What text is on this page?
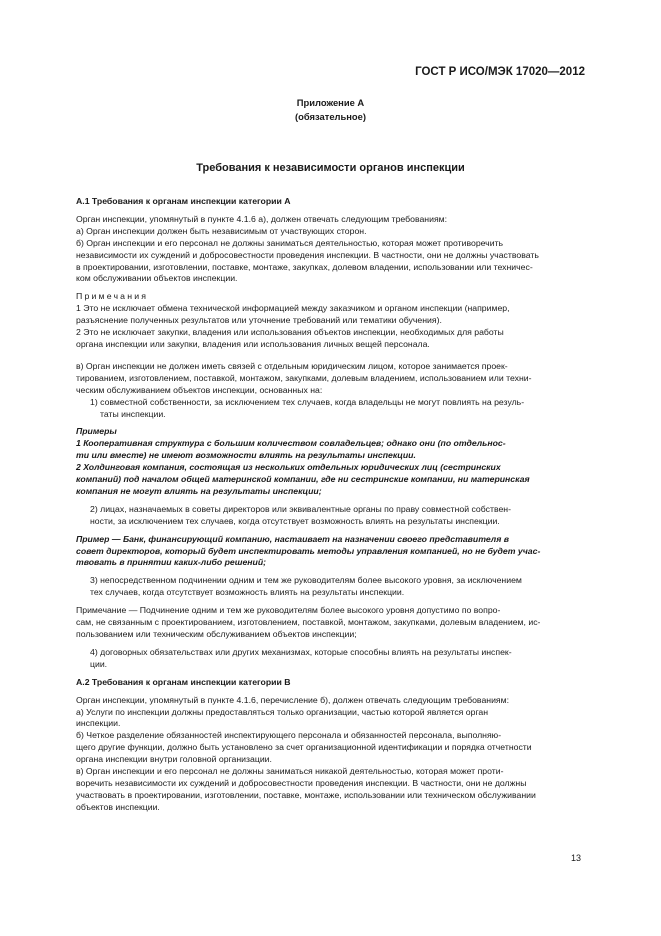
ГОСТ Р ИСО/МЭК 17020—2012
Приложение А
(обязательное)
Требования к независимости органов инспекции

А.1 Требования к органам инспекции категории А

Орган инспекции, упомянутый в пункте 4.1.6 а), должен отвечать следующим требованиям:

а) Орган инспекции должен быть независимым от участвующих сторон.

б) Орган инспекции и его персонал не должны заниматься деятельностью, которая может противоречить

независимости их суждений и добросовестности проведения инспекции. В частности, они не должны участвовать

в проектировании, изготовлении, поставке, монтаже, закупках, долевом владении, использовании или техничес-

ком обслуживании объектов инспекции.

Примечания

1 Это не исключает обмена технической информацией между заказчиком и органом инспекции (например,

разъяснение полученных результатов или уточнение требований или тематики обучения).

2 Это не исключает закупки, владения или использования объектов инспекции, необходимых для работы

органа инспекции или закупки, владения или использования личных вещей персонала.

в) Орган инспекции не должен иметь связей с отдельным юридическим лицом, которое занимается проек-

тированием, изготовлением, поставкой, монтажом, закупками, долевым владением, использованием или техни-

ческим обслуживанием объектов инспекции, основанных на:

1) совместной собственности, за исключением тех случаев, когда владельцы не могут повлиять на резуль-

таты инспекции.

Примеры

1 Кооперативная структура с большим количеством совладельцев; однако они (по отдельнос-

ти или вместе) не имеют возможности влиять на результаты инспекции.

2 Холдинговая компания, состоящая из нескольких отдельных юридических лиц (сестринских

компаний) под началом общей материнской компании, где ни сестринские компании, ни материнская

компания не могут влиять на результаты инспекции;

2) лицах, назначаемых в советы директоров или эквивалентные органы по праву совместной собствен-

ности, за исключением тех случаев, когда отсутствует возможность влиять на результаты инспекции.

Пример — Банк, финансирующий компанию, настаивает на назначении своего представителя в

совет директоров, который будет инспектировать методы управления компанией, но не будет учас-

твовать в принятии каких-либо решений;

3) непосредственном подчинении одним и тем же руководителям более высокого уровня, за исключением

тех случаев, когда отсутствует возможность влиять на результаты инспекции.

Примечание — Подчинение одним и тем же руководителям более высокого уровня допустимо по вопро-

сам, не связанным с проектированием, изготовлением, поставкой, монтажом, закупками, долевым владением, ис-

пользованием или техническим обслуживанием объектов инспекции;

4) договорных обязательствах или других механизмах, которые способны влиять на результаты инспек-

ции.

А.2 Требования к органам инспекции категории В

Орган инспекции, упомянутый в пункте 4.1.6, перечисление б), должен отвечать следующим требованиям:

а) Услуги по инспекции должны предоставляться только организации, частью которой является орган

инспекции.

б) Четкое разделение обязанностей инспектирующего персонала и обязанностей персонала, выполняю-

щего другие функции, должно быть установлено за счет организационной идентификации и порядка отчетности

органа инспекции внутри головной организации.

в) Орган инспекции и его персонал не должны заниматься никакой деятельностью, которая может проти-

воречить независимости их суждений и добросовестности проведения инспекции. В частности, они не должны

участвовать в проектировании, изготовлении, поставке, монтаже, использовании или техническом обслуживании

объектов инспекции.

13
